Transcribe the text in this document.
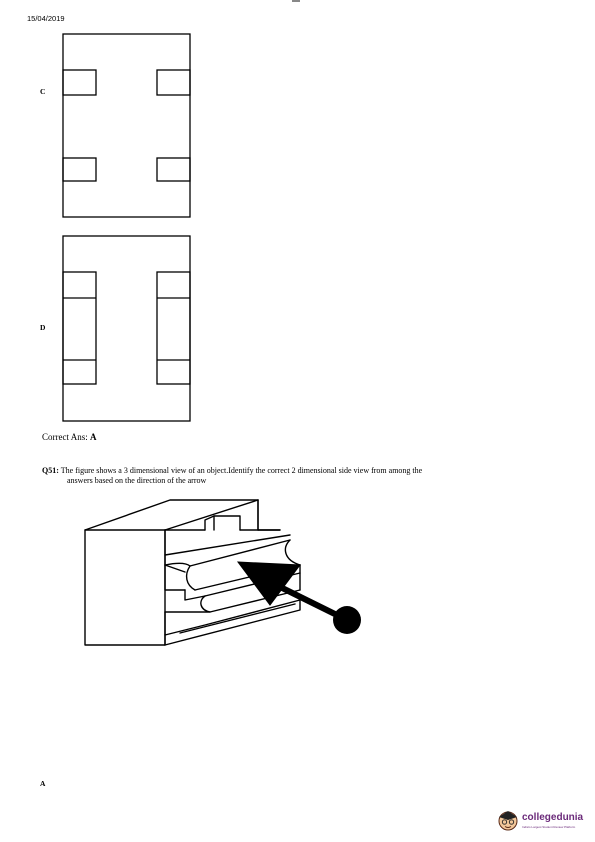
15/04/2019
C
D
Correct Ans: A
Q51: The figure shows a 3 dimensional view of an object.Identify the correct 2 dimensional side view from among the
answers based on the direction of the arrow
A
collegedunia
India's Largest Student Review Platform
